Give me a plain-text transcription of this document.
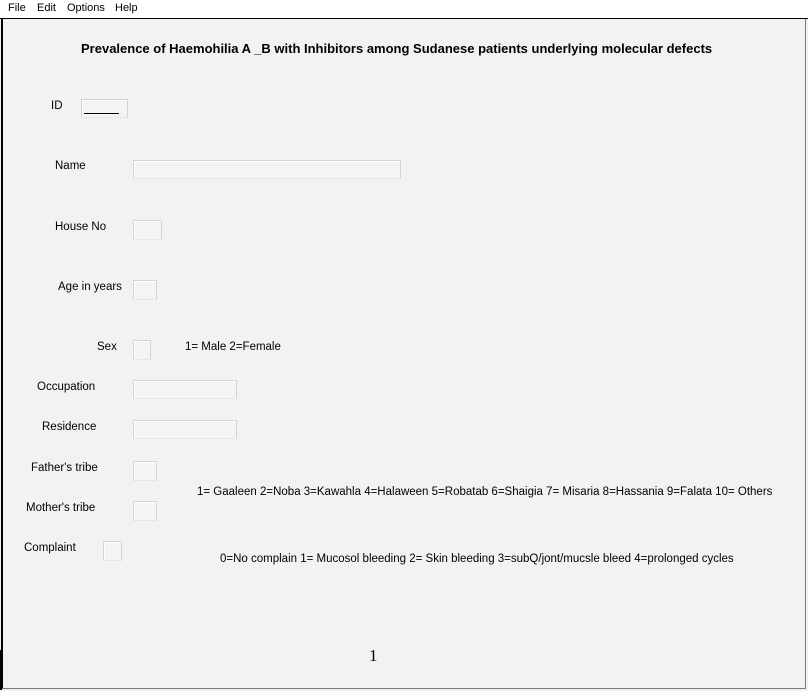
File Edit Options Help
Prevalence of Haemohilia A _B with Inhibitors among Sudanese patients underlying molecular defects
ID
Name
House No
Age in years
Sex	1= Male 2=Female
Occupation
Residence
Father's tribe
1= Gaaleen 2=Noba 3=Kawahla 4=Halaween 5=Robatab 6=Shaigia 7= Misaria 8=Hassania 9=Falata 10= Others
Mother's tribe
Complaint
0=No complain 1= Mucosol bleeding 2= Skin bleeding 3=subQ/jont/mucsle bleed 4=prolonged cycles
1
